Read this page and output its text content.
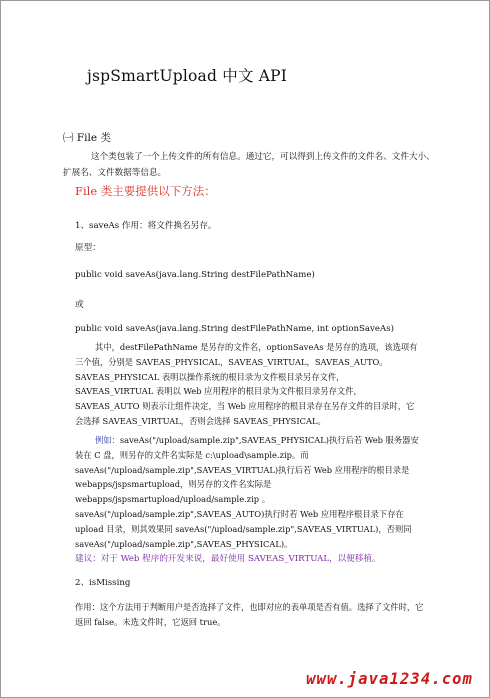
jspSmartUpload 中文 API
㈠ File 类
这个类包装了一个上传文件的所有信息。通过它，可以得到上传文件的文件名、文件大小、扩展名、文件数据等信息。
File 类主要提供以下方法：
1、saveAs 作用：将文件换名另存。
原型：
public void saveAs(java.lang.String destFilePathName)
或
public void saveAs(java.lang.String destFilePathName, int optionSaveAs)
其中，destFilePathName 是另存的文件名，optionSaveAs 是另存的选项，该选项有三个值，分别是 SAVEAS_PHYSICAL，SAVEAS_VIRTUAL，SAVEAS_AUTO。SAVEAS_PHYSICAL 表明以操作系统的根目录为文件根目录另存文件，SAVEAS_VIRTUAL 表明以 Web 应用程序的根目录为文件根目录另存文件，SAVEAS_AUTO 则表示让组件决定，当 Web 应用程序的根目录存在另存文件的目录时，它会选择 SAVEAS_VIRTUAL，否则会选择 SAVEAS_PHYSICAL。
例如：saveAs("/upload/sample.zip",SAVEAS_PHYSICAL)执行后若 Web 服务器安装在 C 盘，则另存的文件名实际是 c:\upload\sample.zip。而 saveAs("/upload/sample.zip",SAVEAS_VIRTUAL)执行后若 Web 应用程序的根目录是 webapps/jspsmartupload，则另存的文件名实际是 webapps/jspsmartupload/upload/sample.zip 。saveAs("/upload/sample.zip",SAVEAS_AUTO)执行时若 Web 应用程序根目录下存在 upload 目录，则其效果同 saveAs("/upload/sample.zip",SAVEAS_VIRTUAL)，否则同 saveAs("/upload/sample.zip",SAVEAS_PHYSICAL)。
建议：对于 Web 程序的开发来说，最好使用 SAVEAS_VIRTUAL，以便移植。
2、isMissing
作用：这个方法用于判断用户是否选择了文件，也即对应的表单项是否有值。选择了文件时，它返回 false。未选文件时，它返回 true。
www.java1234.com
